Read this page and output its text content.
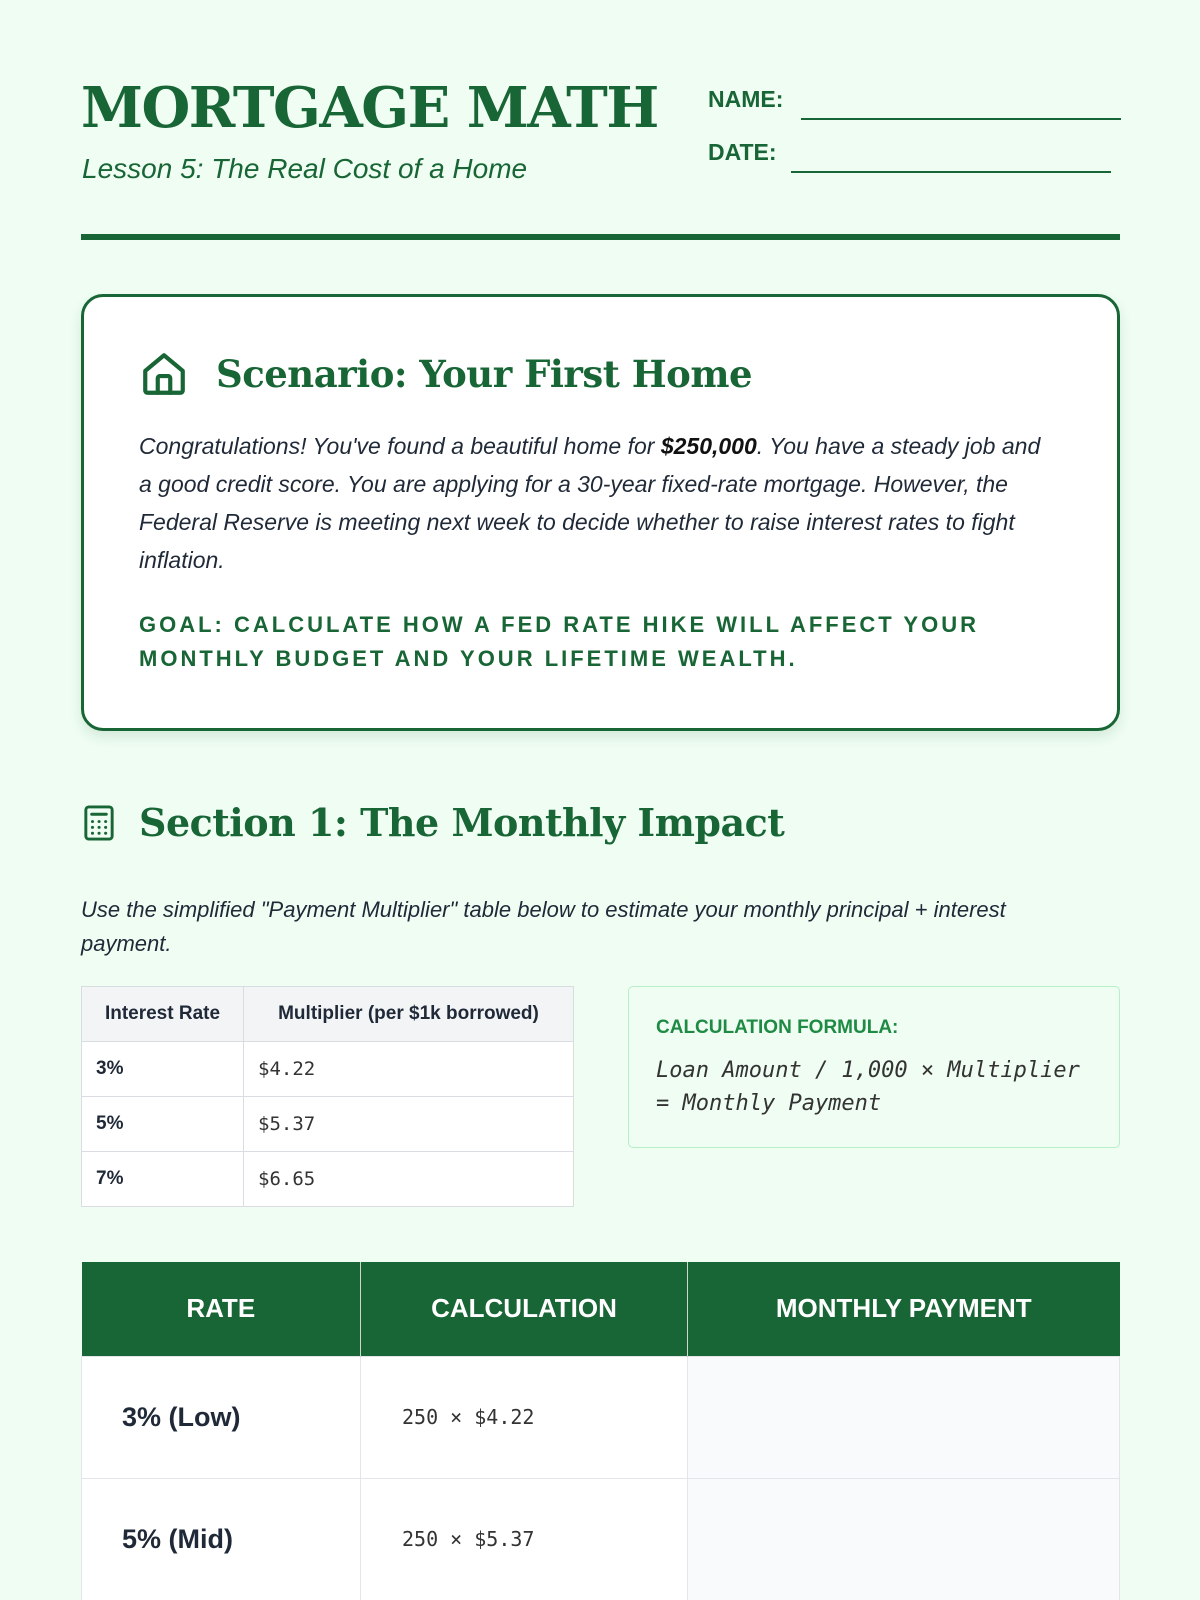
MORTGAGE MATH
Lesson 5: The Real Cost of a Home
NAME:
DATE:
Scenario: Your First Home

Congratulations! You've found a beautiful home for $250,000. You have a steady job and a good credit score. You are applying for a 30-year fixed-rate mortgage. However, the Federal Reserve is meeting next week to decide whether to raise interest rates to fight inflation.

GOAL: CALCULATE HOW A FED RATE HIKE WILL AFFECT YOUR MONTHLY BUDGET AND YOUR LIFETIME WEALTH.
Section 1: The Monthly Impact

Use the simplified "Payment Multiplier" table below to estimate your monthly principal + interest payment.

Interest Rate	Multiplier (per $1k borrowed)
3%	$4.22
5%	$5.37
7%	$6.65
CALCULATION FORMULA:
Loan Amount / 1,000 × Multiplier = Monthly Payment
RATE	CALCULATION	MONTHLY PAYMENT
3% (Low)	250 × $4.22	
5% (Mid)	250 × $5.37	
